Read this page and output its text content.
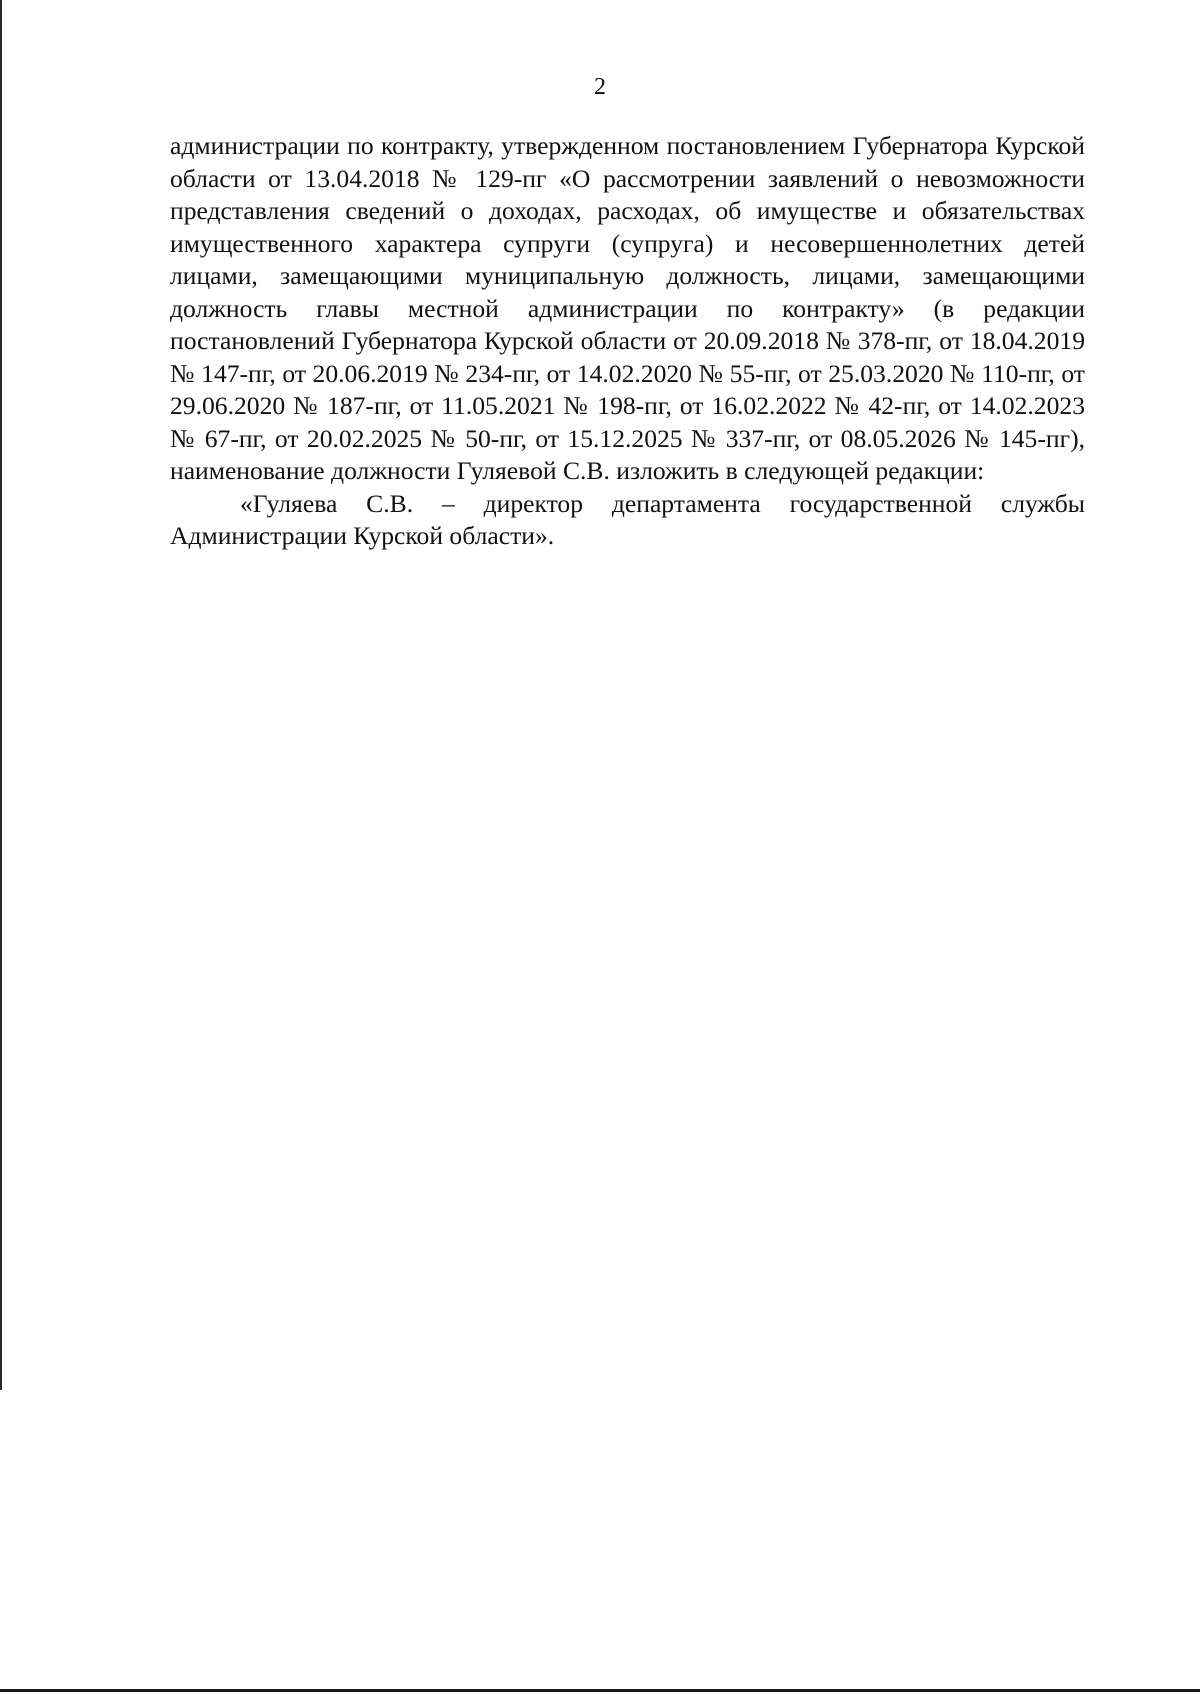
2

администрации по контракту, утвержденном постановлением Губернатора Курской области от 13.04.2018 № 129-пг «О рассмотрении заявлений о невозможности представления сведений о доходах, расходах, об имуществе и обязательствах имущественного характера супруги (супруга) и несовершеннолетних детей лицами, замещающими муниципальную должность, лицами, замещающими должность главы местной администрации по контракту» (в редакции постановлений Губернатора Курской области от 20.09.2018 № 378-пг, от 18.04.2019 № 147-пг, от 20.06.2019 № 234-пг, от 14.02.2020 № 55-пг, от 25.03.2020 № 110-пг, от 29.06.2020 № 187-пг, от 11.05.2021 № 198-пг, от 16.02.2022 № 42-пг, от 14.02.2023 № 67-пг, от 20.02.2025 № 50-пг, от 15.12.2025 № 337-пг, от 08.05.2026 № 145-пг), наименование должности Гуляевой С.В. изложить в следующей редакции:

«Гуляева С.В. – директор департамента государственной службы Администрации Курской области».
